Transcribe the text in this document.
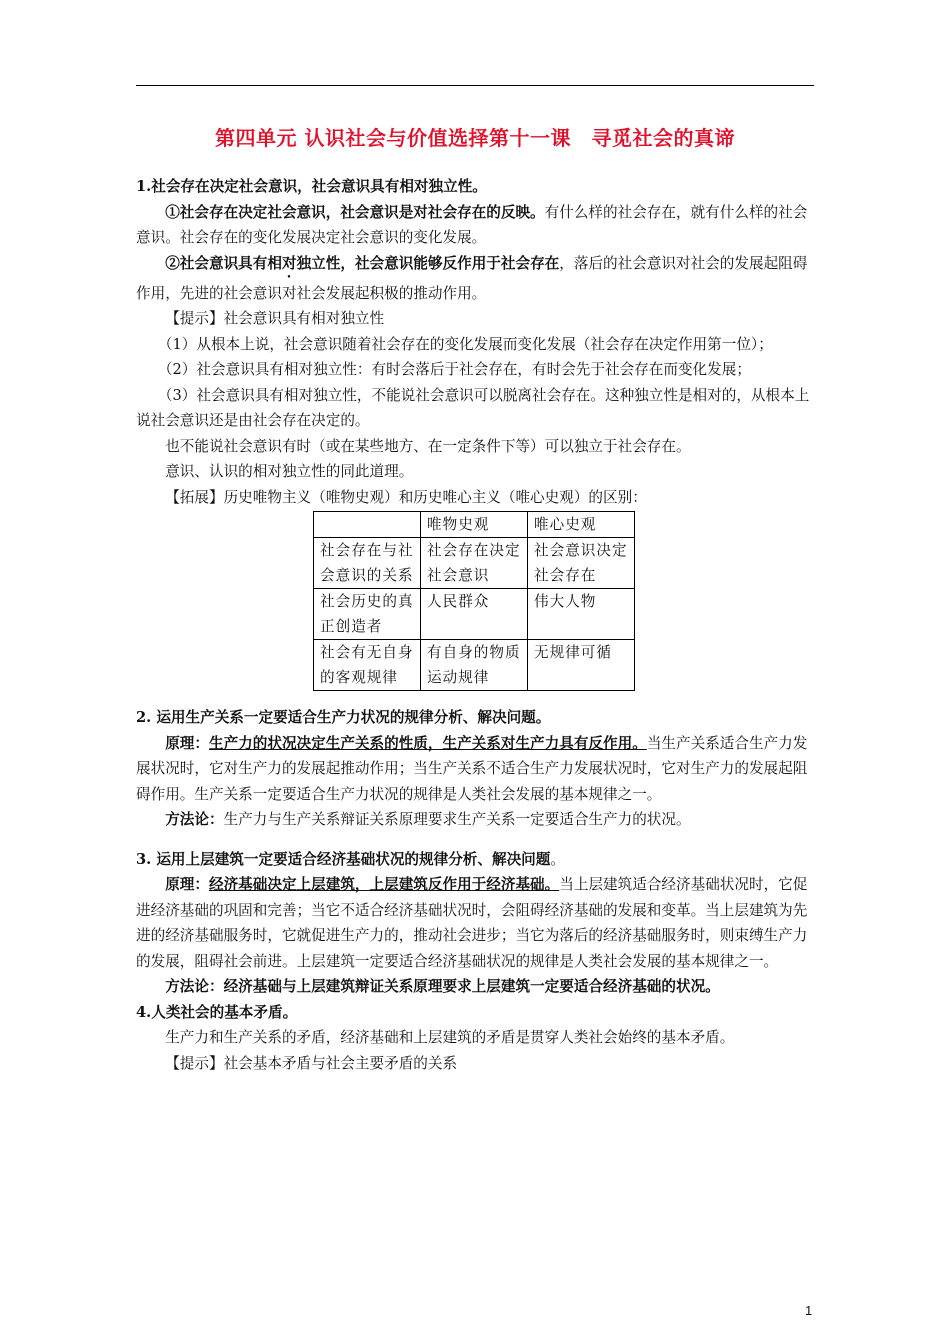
第四单元 认识社会与价值选择第十一课　寻觅社会的真谛

1.社会存在决定社会意识，社会意识具有相对独立性。

①社会存在决定社会意识，社会意识是对社会存在的反映。有什么样的社会存在，就有什么样的社会意识。社会存在的变化发展决定社会意识的变化发展。

②社会意识具有相对独立性，社会意识能够反作用于社会存在，落后的社会意识对社会的发展起阻碍作用，先进的社会意识对社会发展起积极的推动作用。

【提示】社会意识具有相对独立性

（1）从根本上说，社会意识随着社会存在的变化发展而变化发展（社会存在决定作用第一位）；

（2）社会意识具有相对独立性：有时会落后于社会存在，有时会先于社会存在而变化发展；

（3）社会意识具有相对独立性，不能说社会意识可以脱离社会存在。这种独立性是相对的，从根本上说社会意识还是由社会存在决定的。

也不能说社会意识有时（或在某些地方、在一定条件下等）可以独立于社会存在。

意识、认识的相对独立性的同此道理。

【拓展】历史唯物主义（唯物史观）和历史唯心主义（唯心史观）的区别：

	唯物史观	唯心史观
社会存在与社会意识的关系	社会存在决定社会意识	社会意识决定社会存在
社会历史的真正创造者	人民群众	伟大人物
社会有无自身的客观规律	有自身的物质运动规律	无规律可循

2. 运用生产关系一定要适合生产力状况的规律分析、解决问题。

原理：生产力的状况决定生产关系的性质，生产关系对生产力具有反作用。当生产关系适合生产力发展状况时，它对生产力的发展起推动作用；当生产关系不适合生产力发展状况时，它对生产力的发展起阻碍作用。生产关系一定要适合生产力状况的规律是人类社会发展的基本规律之一。

方法论：生产力与生产关系辩证关系原理要求生产关系一定要适合生产力的状况。

3. 运用上层建筑一定要适合经济基础状况的规律分析、解决问题。

原理：经济基础决定上层建筑，上层建筑反作用于经济基础。当上层建筑适合经济基础状况时，它促进经济基础的巩固和完善；当它不适合经济基础状况时，会阻碍经济基础的发展和变革。当上层建筑为先进的经济基础服务时，它就促进生产力的，推动社会进步；当它为落后的经济基础服务时，则束缚生产力的发展，阻碍社会前进。上层建筑一定要适合经济基础状况的规律是人类社会发展的基本规律之一。

方法论：经济基础与上层建筑辩证关系原理要求上层建筑一定要适合经济基础的状况。

4.人类社会的基本矛盾。

生产力和生产关系的矛盾，经济基础和上层建筑的矛盾是贯穿人类社会始终的基本矛盾。

【提示】社会基本矛盾与社会主要矛盾的关系

1
